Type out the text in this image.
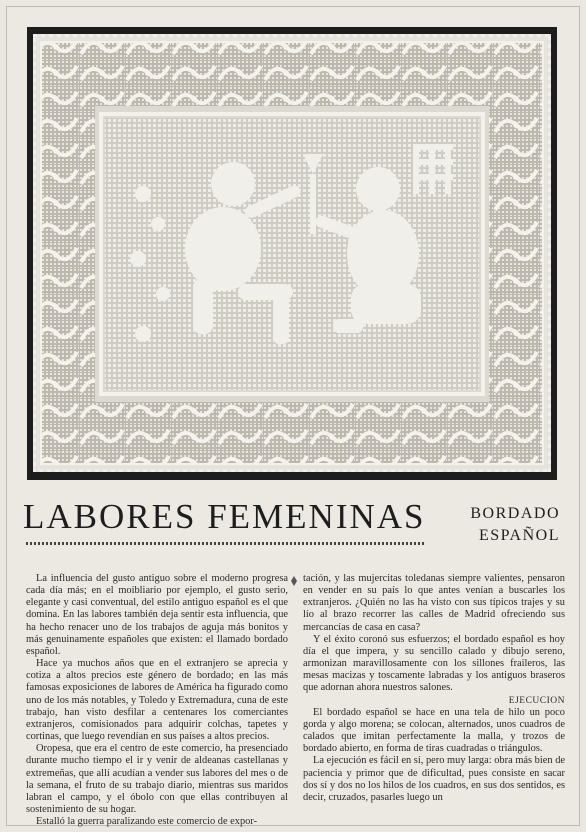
LABORES FEMENINAS	BORDADO
ESPAÑOL

La influencia del gusto antiguo sobre el moderno progresa cada día más; en el moibliario por ejemplo, el gusto serio, elegante y casi conventual, del estilo antiguo español es el que domina. En las labores también deja sentir esta influencia, que ha hecho renacer uno de los trabajos de aguja más bonitos y más genuinamente españoles que existen: el llamado bordado español.

Hace ya muchos años que en el extranjero se aprecia y cotiza a altos precios este género de bordado; en las más famosas exposiciones de labores de América ha figurado como uno de los más notables, y Toledo y Extremadura, cuna de este trabajo, han visto desfilar a centenares los comerciantes extranjeros, comisionados para adquirir colchas, tapetes y cortinas, que luego revendían en sus países a altos precios.

Oropesa, que era el centro de este comercio, ha presenciado durante mucho tiempo el ir y venir de aldeanas castellanas y extremeñas, que allí acudían a vender sus labores del mes o de la semana, el fruto de su trabajo diario, mientras sus maridos labran el campo, y el óbolo con que ellas contribuyen al sostenimiento de su hogar.

Estalló la guerra paralizando este comercio de expor-

tación, y las mujercitas toledanas siempre valientes, pensaron en vender en su país lo que antes venían a buscarles los extranjeros. ¿Quién no las ha visto con sus típicos trajes y su lío al brazo recorrer las calles de Madrid ofreciendo sus mercancías de casa en casa?

Y el éxito coronó sus esfuerzos; el bordado español es hoy día el que impera, y su sencillo calado y dibujo sereno, armonizan maravillosamente con los sillones fraileros, las mesas macizas y toscamente labradas y los antiguos braseros que adornan ahora nuestros salones.

EJECUCION

El bordado español se hace en una tela de hilo un poco gorda y algo morena; se colocan, alternados, unos cuadros de calados que imitan perfectamente la malla, y trozos de bordado abierto, en forma de tiras cuadradas o triángulos.

La ejecución es fácil en sí, pero muy larga: obra más bien de paciencia y primor que de dificultad, pues consiste en sacar dos sí y dos no los hilos de los cuadros, en sus dos sentidos, es decir, cruzados, pasarles luego un
